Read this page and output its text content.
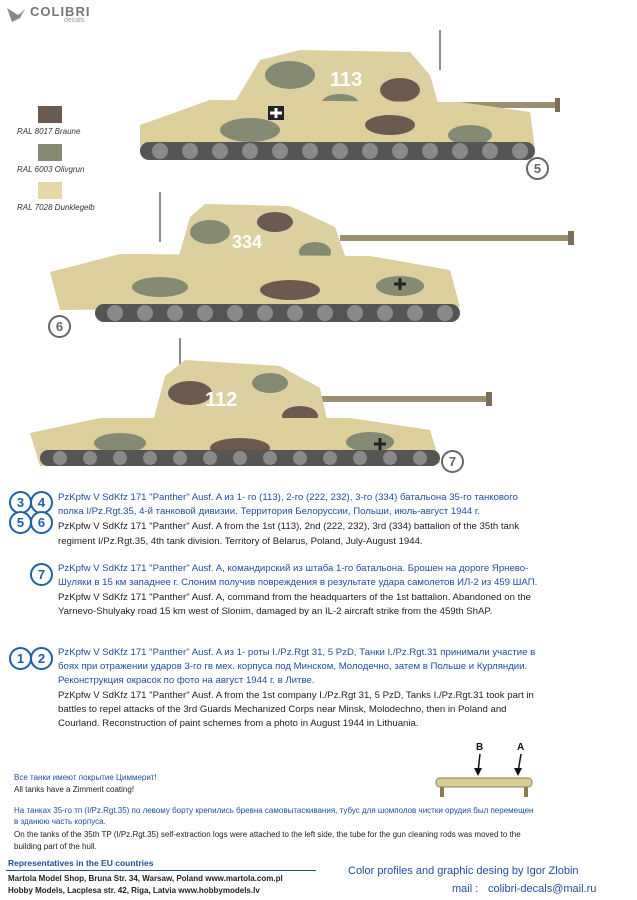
COLIBRI
decals
RAL 8017 Braune
RAL 6003 Olivgrun
RAL 7028 Dunklegelb
113
5
334
6
112
7
3	4
5	6
PzKpfw V SdKfz 171 "Panther" Ausf. A из 1- го (113), 2-го (222, 232), 3-го (334) батальона 35-го танкового
полка I/Pz.Rgt.35, 4-й танковой дивизии. Территория Белоруссии, Польши, июль-август 1944 г.
PzKpfw V SdKfz 171 "Panther" Ausf. A from the 1st (113), 2nd (222, 232), 3rd (334) battalion of the 35th tank
regiment I/Pz.Rgt.35, 4th tank division. Territory of Belarus, Poland, July-August 1944.
7	PzKpfw V SdKfz 171 "Panther" Ausf. A, командирский из штаба 1-го батальона. Брошен на дороге Ярнево-
Шуляки в 15 км западнее г. Слоним получив повреждения в результате удара самолетов ИЛ-2 из 459 ШАП.
PzKpfw V SdKfz 171 "Panther" Ausf. A, command from the headquarters of the 1st battalion. Abandoned on the
Yarnevo-Shulyaky road 15 km west of Slonim, damaged by an IL-2 aircraft strike from the 459th ShAP.
1	2	PzKpfw V SdKfz 171 "Panther" Ausf. A из 1- роты I./Pz.Rgt 31, 5 PzD, Танки I./Pz.Rgt.31 принимали участие в
боях при отражении ударов 3-го гв мех. корпуса под Минском, Молодечно, затем в Польше и Курляндии.
Реконструкция окрасок по фото на август 1944 г. в Литве.
PzKpfw V SdKfz 171 "Panther" Ausf. A from the 1st company I./Pz.Rgt 31, 5 PzD, Tanks I./Pz.Rgt.31 took part in
battles to repel attacks of the 3rd Guards Mechanized Corps near Minsk, Molodechno, then in Poland and
Courland. Reconstruction of paint schemes from a photo in August 1944 in Lithuania.
B	A
Все танки имеют покрытие Циммерит!
All tanks have a Zimmerit coating!
На танках 35-го тп (I/Pz.Rgt.35) по левому борту крепились бревна самовытаскивания, тубус для шомполов чистки орудия был перемещен
в зданюю часть корпуса.
On the tanks of the 35th TP (I/Pz.Rgt.35) self-extraction logs were attached to the left side, the tube for the gun cleaning rods was moved to the
building part of the hull.
Representatives in the EU countries
Martola Model Shop, Bruna Str. 34, Warsaw, Poland www.martola.com.pl
Hobby Models, Lacplesa str. 42, Riga, Latvia www.hobbymodels.lv
Color profiles and graphic desing by Igor Zlobin
mail : colibri-decals@mail.ru
